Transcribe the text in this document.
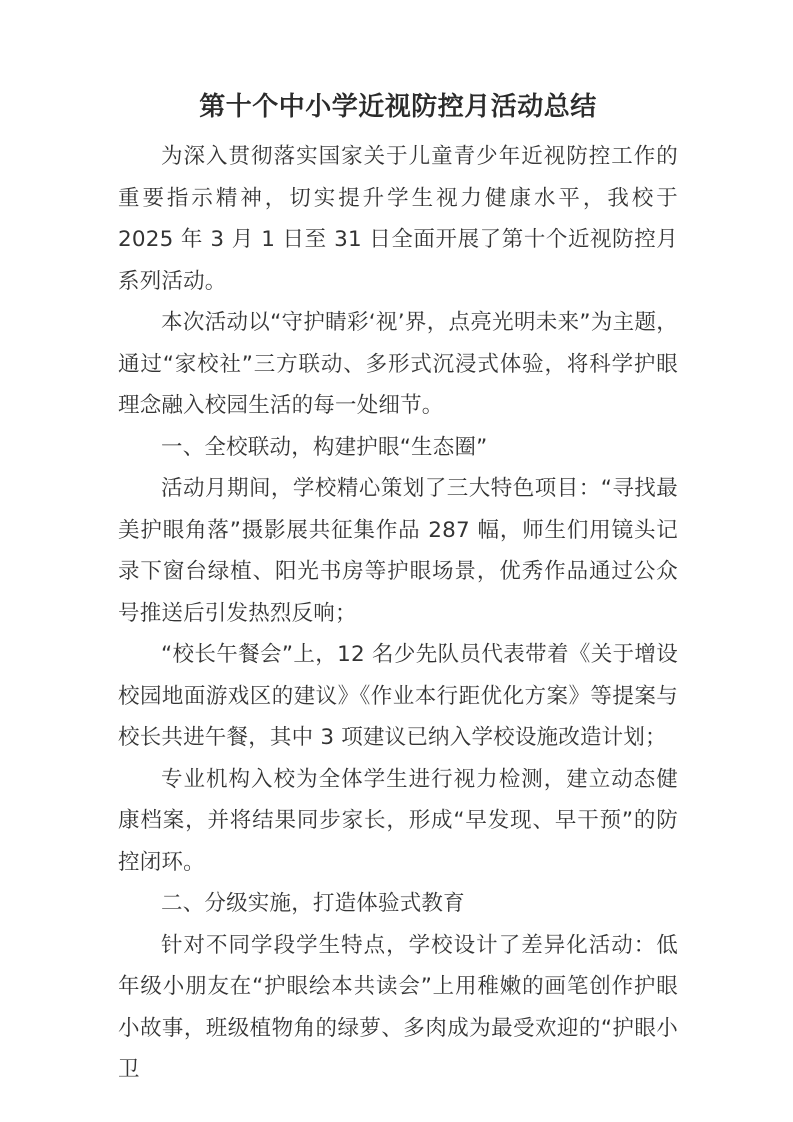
第十个中小学近视防控月活动总结

为深入贯彻落实国家关于儿童青少年近视防控工作的重要指示精神，切实提升学生视力健康水平，我校于 2025 年 3 月 1 日至 31 日全面开展了第十个近视防控月系列活动。

本次活动以“守护睛彩‘视’界，点亮光明未来”为主题，通过“家校社”三方联动、多形式沉浸式体验，将科学护眼理念融入校园生活的每一处细节。

一、全校联动，构建护眼“生态圈”

活动月期间，学校精心策划了三大特色项目：“寻找最美护眼角落”摄影展共征集作品 287 幅，师生们用镜头记录下窗台绿植、阳光书房等护眼场景，优秀作品通过公众号推送后引发热烈反响；

“校长午餐会”上，12 名少先队员代表带着《关于增设校园地面游戏区的建议》《作业本行距优化方案》等提案与校长共进午餐，其中 3 项建议已纳入学校设施改造计划；

专业机构入校为全体学生进行视力检测，建立动态健康档案，并将结果同步家长，形成“早发现、早干预”的防控闭环。

二、分级实施，打造体验式教育

针对不同学段学生特点，学校设计了差异化活动：低年级小朋友在“护眼绘本共读会”上用稚嫩的画笔创作护眼小故事，班级植物角的绿萝、多肉成为最受欢迎的“护眼小卫
